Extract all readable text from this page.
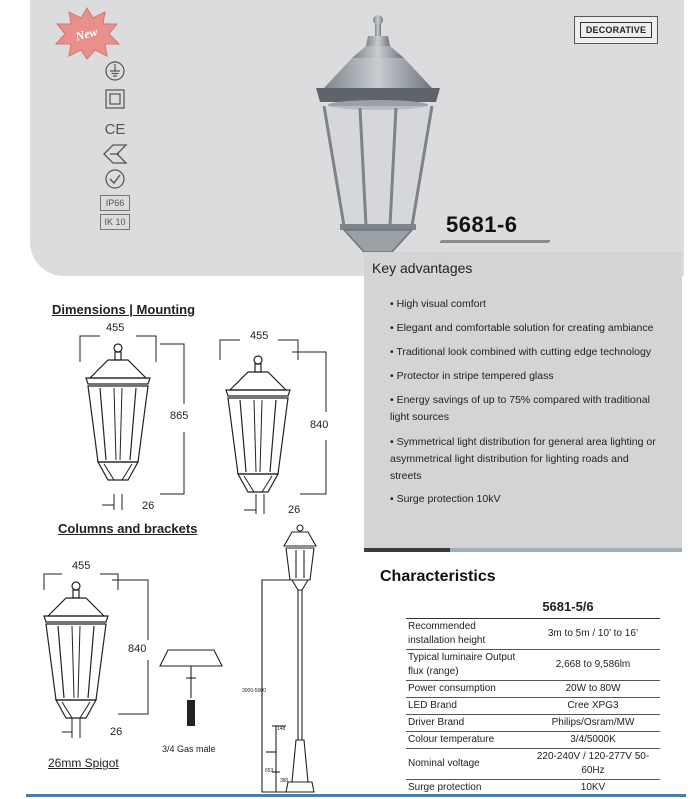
New	DECORATIVE
CE
IP66
IK 10	5681-6
Key advantages
• High visual comfort
• Elegant and comfortable solution for creating ambiance
• Traditional look combined with cutting edge technology
• Protector in stripe tempered glass
• Energy savings of up to 75% compared with traditional light sources
• Symmetrical light distribution for general area lighting or asymmetrical light distribution for lighting roads and streets
• Surge protection 10kV
Dimensions | Mounting
455
865
26
455
840
26
Columns and brackets
455
840
26
26mm Spigot
3/4 Gas male
3000-5000
148
653
380
Characteristics
5681-5/6	
Recommended installation height	3m to 5m / 10’ to 16’
Typical luminaire Output flux (range)	2,668 to 9,586lm
Power consumption	20W to 80W
LED Brand	Cree XPG3
Driver Brand	Philips/Osram/MW
Colour temperature	3/4/5000K
Nominal voltage	220-240V / 120-277V 50-60Hz
Surge protection	10KV
